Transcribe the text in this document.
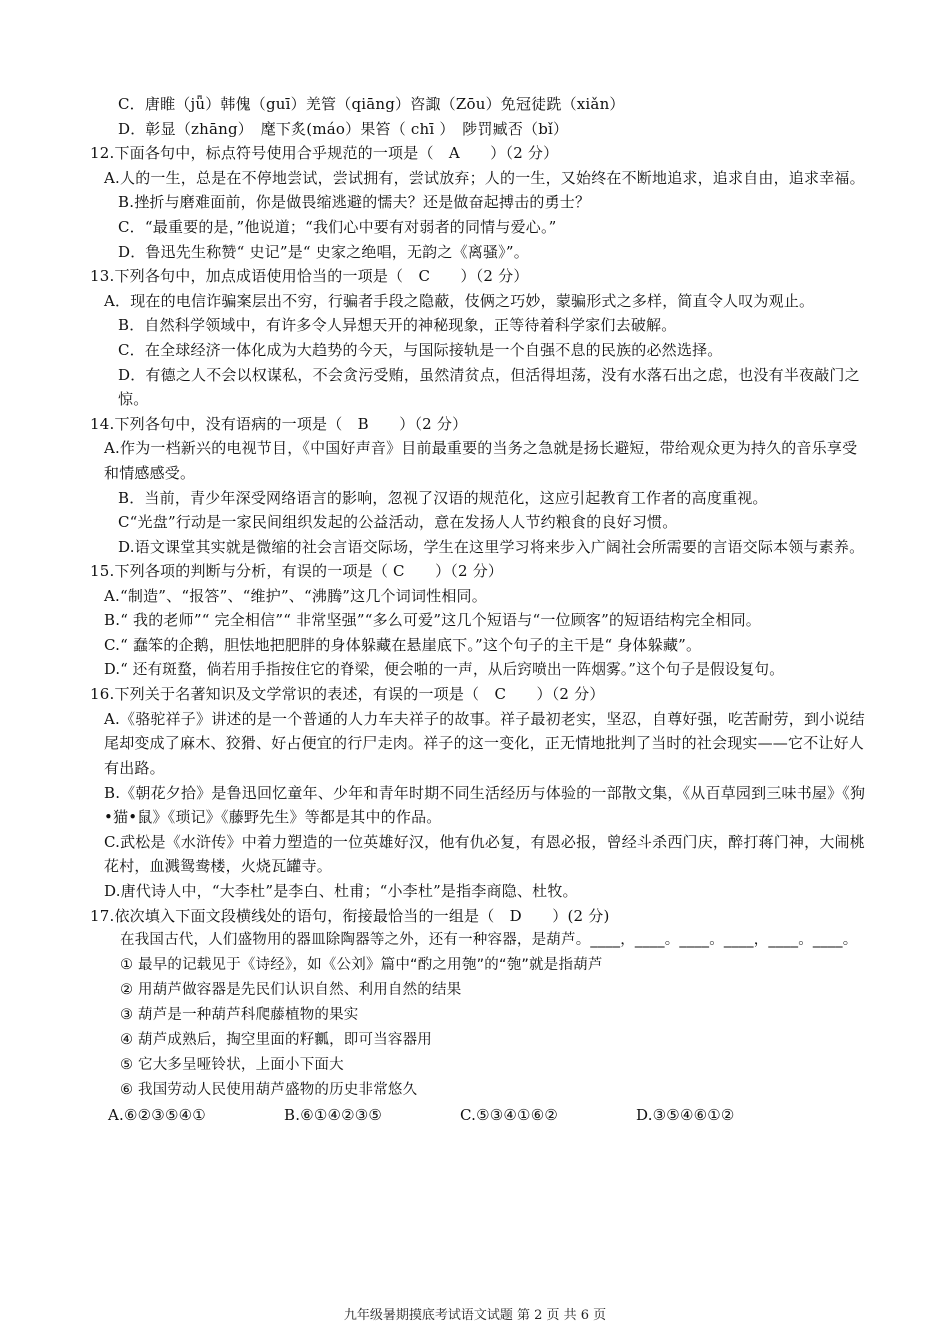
C．唐睢（jǖ）韩傀（guī）羌管（qiāng）咨諏（Zōu）免冠徒跣（xiǎn）
D．彰显（zhāng）　麾下炙(máo）果笞（ chī ）　陟罚臧否（bǐ）
12.下面各句中，标点符号使用合乎规范的一项是（　A　　）（2 分）
A.人的一生，总是在不停地尝试，尝试拥有，尝试放弃；人的一生，又始终在不断地追求，追求自由，追求幸福。
B.挫折与磨难面前，你是做畏缩逃避的懦夫？还是做奋起搏击的勇士？
C．“最重要的是，”他说道；“我们心中要有对弱者的同情与爱心。”
D．鲁迅先生称赞“ 史记”是“ 史家之绝唱，无韵之《离骚》”。
13.下列各句中，加点成语使用恰当的一项是（　C　　）（2 分）
A．现在的电信诈骗案层出不穷，行骗者手段之隐蔽，伎俩之巧妙，蒙骗形式之多样，简直令人叹为观止。
B．自然科学领域中，有许多令人异想天开的神秘现象，正等待着科学家们去破解。
C．在全球经济一体化成为大趋势的今天，与国际接轨是一个自强不息的民族的必然选择。
D．有德之人不会以权谋私，不会贪污受贿，虽然清贫点，但活得坦荡，没有水落石出之虑，也没有半夜敲门之惊。
14.下列各句中，没有语病的一项是（　B　　）（2 分）
A.作为一档新兴的电视节目，《中国好声音》目前最重要的当务之急就是扬长避短，带给观众更为持久的音乐享受和情感感受。
B．当前，青少年深受网络语言的影响，忽视了汉语的规范化，这应引起教育工作者的高度重视。
C“光盘”行动是一家民间组织发起的公益活动，意在发扬人人节约粮食的良好习惯。
D.语文课堂其实就是微缩的社会言语交际场，学生在这里学习将来步入广阔社会所需要的言语交际本领与素养。
15.下列各项的判断与分析，有误的一项是（ C　　）（2 分）
A.“制造”、“报答”、“维护”、“沸腾”这几个词词性相同。
B.“ 我的老师”“ 完全相信”“ 非常坚强”“多么可爱”这几个短语与“一位顾客”的短语结构完全相同。
C.“ 蠢笨的企鹅，胆怯地把肥胖的身体躲藏在悬崖底下。”这个句子的主干是“ 身体躲藏”。
D.“ 还有斑蝥，倘若用手指按住它的脊梁，便会啪的一声，从后窍喷出一阵烟雾。”这个句子是假设复句。
16.下列关于名著知识及文学常识的表述，有误的一项是（　C　　）（2 分）
A.《骆驼祥子》讲述的是一个普通的人力车夫祥子的故事。祥子最初老实，坚忍，自尊好强，吃苦耐劳，到小说结尾却变成了麻木、狡猾、好占便宜的行尸走肉。祥子的这一变化，正无情地批判了当时的社会现实——它不让好人有出路。
B.《朝花夕拾》是鲁迅回忆童年、少年和青年时期不同生活经历与体验的一部散文集，《从百草园到三味书屋》《狗•猫•鼠》《琐记》《藤野先生》等都是其中的作品。
C.武松是《水浒传》中着力塑造的一位英雄好汉，他有仇必复，有恩必报，曾经斗杀西门庆，醉打蒋门神，大闹桃花村，血溅鸳鸯楼，火烧瓦罐寺。
D.唐代诗人中，“大李杜”是李白、杜甫；“小李杜”是指李商隐、杜牧。
17.依次填入下面文段横线处的语句，衔接最恰当的一组是（　D　　）(2 分)
在我国古代，人们盛物用的器皿除陶器等之外，还有一种容器，是葫芦。____，____。____。____，____。____。
① 最早的记载见于《诗经》，如《公刘》篇中“酌之用匏”的“匏”就是指葫芦
② 用葫芦做容器是先民们认识自然、利用自然的结果
③ 葫芦是一种葫芦科爬藤植物的果实
④ 葫芦成熟后，掏空里面的籽瓤，即可当容器用
⑤ 它大多呈哑铃状，上面小下面大
⑥ 我国劳动人民使用葫芦盛物的历史非常悠久
A.⑥②③⑤④①	B.⑥①④②③⑤	C.⑤③④①⑥②	D.③⑤④⑥①②
九年级暑期摸底考试语文试题 第 2 页 共 6 页
